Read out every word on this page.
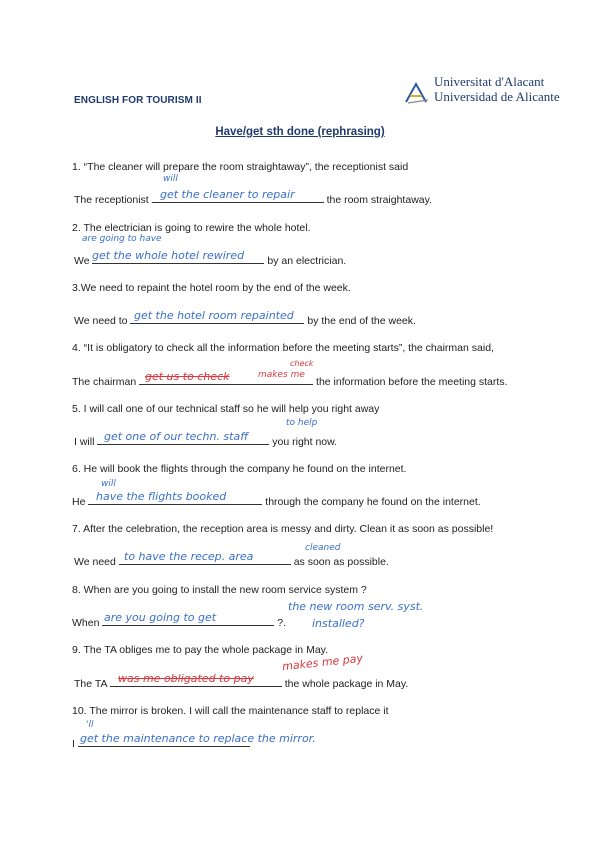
ENGLISH FOR TOURISM II
Universitat d'Alacant
Universidad de Alicante
Have/get sth done (rephrasing)
1. “The cleaner will prepare the room straightaway”, the receptionist said
The receptionist	the room straightaway.
get the cleaner to repair
will
2. The electrician is going to rewire the whole hotel.
We	by an electrician.
get the whole hotel rewired
are going to have
3.We need to repaint the hotel room by the end of the week.
We need to	by the end of the week.
get the hotel room repainted
4. “It is obligatory to check all the information before the meeting starts”, the chairman said,
The chairman	the information before the meeting starts.
get us to check	makes me
check
5. I will call one of our technical staff so he will help you right away
I will	you right now.
get one of our techn. staff
to help
6. He will book the flights through the company he found on the internet.
He	through the company he found on the internet.
have the flights booked
will
7. After the celebration, the reception area is messy and dirty. Clean it as soon as possible!
We need	as soon as possible.
to have the recep. area
cleaned
8. When are you going to install the new room service system ?
When	?.
are you going to get
the new room serv. syst.
installed?
9. The TA obliges me to pay the whole package in May.
The TA	the whole package in May.
was me obligated to pay
makes me pay
10. The mirror is broken. I will call the maintenance staff to replace it
I get the maintenance to replace the mirror.
'll
